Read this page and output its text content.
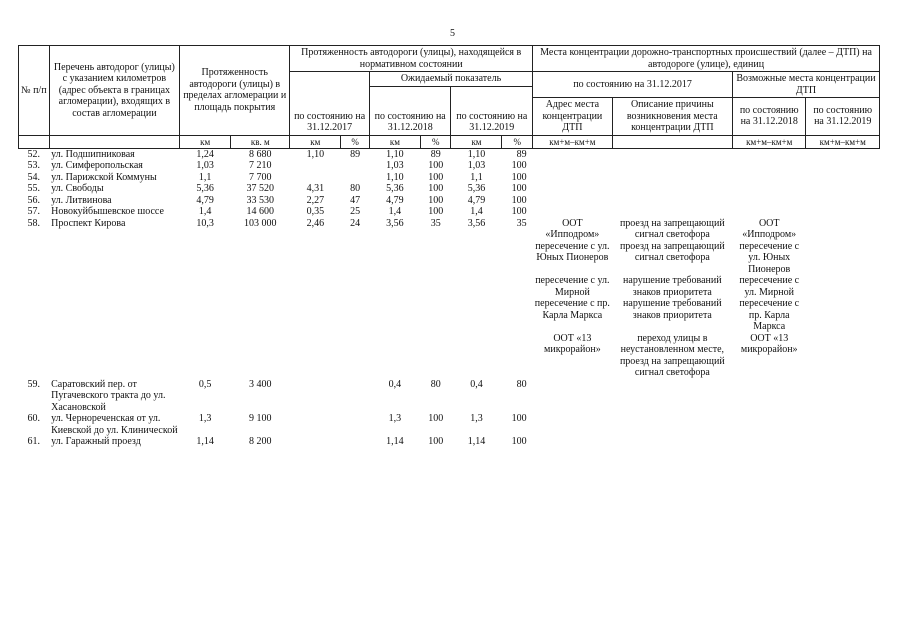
5
№ п/п	Перечень автодорог (улицы) с указанием километров (адрес объекта в границах агломерации), входящих в состав агломерации	Протяженность автодороги (улицы) в пределах агломерации и площадь покрытия		Протяженность автодороги (улицы), находящейся в нормативном состоянии						Места концентрации дорожно-транспортных происшествий (далее – ДТП) на автодороге (улице), единиц			
				по состоянию на 31.12.2017		Ожидаемый показатель				по состоянию на 31.12.2017		Возможные места концентрации ДТП	
						по состоянию на 31.12.2018		по состоянию на 31.12.2019					
										Адрес места концентрации ДТП	Описание причины возникновения места концентрации ДТП	по состоянию на 31.12.2018	по состоянию на 31.12.2019
		км	кв. м	км	%	км	%	км	%	км+м–км+м		км+м–км+м	км+м–км+м
52.	ул. Подшипниковая	1,24	8 680	1,10	89	1,10	89	1,10	89				
53.	ул. Симферопольская	1,03	7 210			1,03	100	1,03	100				
54.	ул. Парижской Коммуны	1,1	7 700			1,10	100	1,1	100				
55.	ул. Свободы	5,36	37 520	4,31	80	5,36	100	5,36	100				
56.	ул. Литвинова	4,79	33 530	2,27	47	4,79	100	4,79	100				
57.	Новокуйбышевское шоссе	1,4	14 600	0,35	25	1,4	100	1,4	100				
58.	Проспект Кирова	10,3	103 000	2,46	24	3,56	35	3,56	35	ООТ «Ипподром»	проезд на запрещающий сигнал светофора	ООТ «Ипподром»	
										пересечение с ул. Юных Пионеров	проезд на запрещающий сигнал светофора	пересечение с ул. Юных Пионеров	
										пересечение с ул. Мирной	нарушение требований знаков приоритета	пересечение с ул. Мирной	
										пересечение с пр. Карла Маркса	нарушение требований знаков приоритета	пересечение с пр. Карла Маркса	
										ООТ «13 микрорайон»	переход улицы в неустановленном месте, проезд на запрещающий сигнал светофора	ООТ «13 микрорайон»	
59.	Саратовский пер. от Пугачевского тракта до ул. Хасановской	0,5	3 400			0,4	80	0,4	80				
60.	ул. Чернореченская от ул. Киевской до ул. Клинической	1,3	9 100			1,3	100	1,3	100				
61.	ул. Гаражный проезд	1,14	8 200			1,14	100	1,14	100				
